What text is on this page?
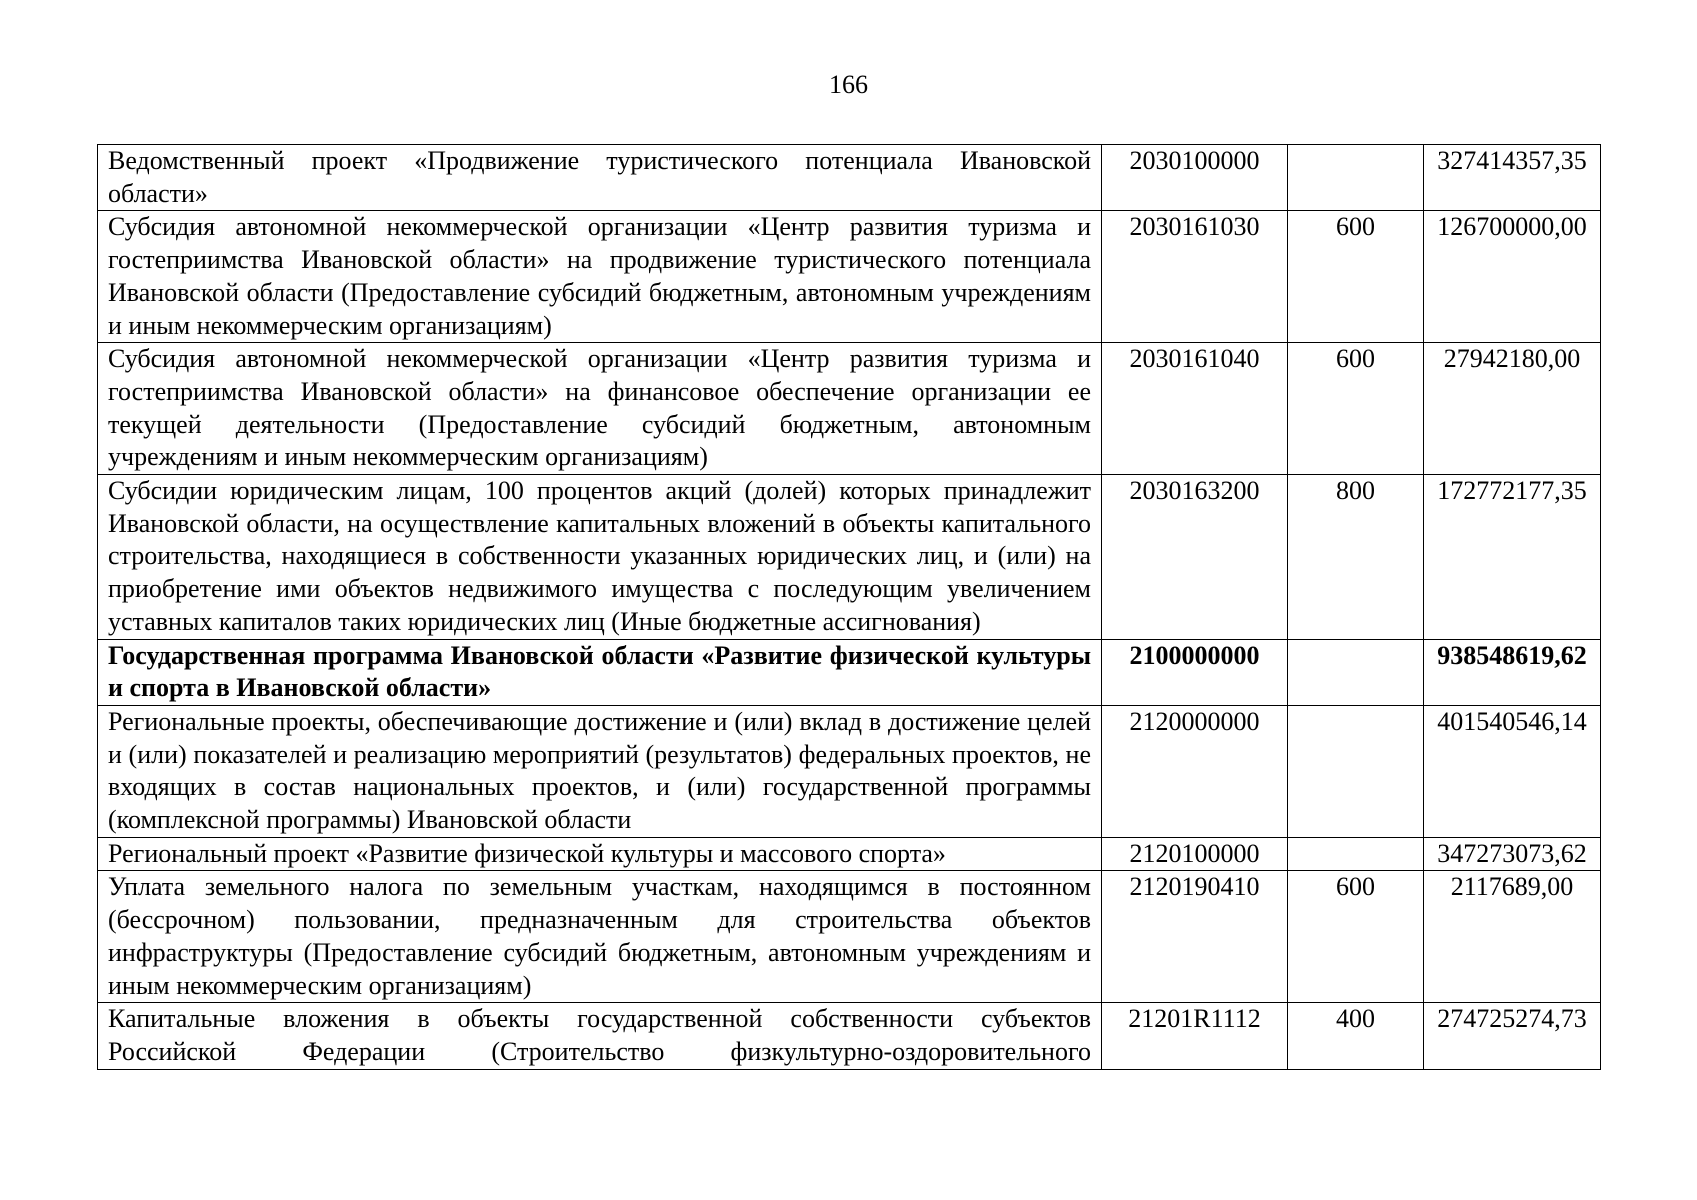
166
Ведомственный проект «Продвижение туристического потенциала Ивановской области»	2030100000		327414357,35
Субсидия автономной некоммерческой организации «Центр развития туризма и гостеприимства Ивановской области» на продвижение туристического потенциала Ивановской области (Предоставление субсидий бюджетным, автономным учреждениям и иным некоммерческим организациям)	2030161030	600	126700000,00
Субсидия автономной некоммерческой организации «Центр развития туризма и гостеприимства Ивановской области» на финансовое обеспечение организации ее текущей деятельности (Предоставление субсидий бюджетным, автономным учреждениям и иным некоммерческим организациям)	2030161040	600	27942180,00
Субсидии юридическим лицам, 100 процентов акций (долей) которых принадлежит Ивановской области, на осуществление капитальных вложений в объекты капитального строительства, находящиеся в собственности указанных юридических лиц, и (или) на приобретение ими объектов недвижимого имущества с последующим увеличением уставных капиталов таких юридических лиц (Иные бюджетные ассигнования)	2030163200	800	172772177,35
Государственная программа Ивановской области «Развитие физической культуры и спорта в Ивановской области»	2100000000		938548619,62
Региональные проекты, обеспечивающие достижение и (или) вклад в достижение целей и (или) показателей и реализацию мероприятий (результатов) федеральных проектов, не входящих в состав национальных проектов, и (или) государственной программы (комплексной программы) Ивановской области	2120000000		401540546,14
Региональный проект «Развитие физической культуры и массового спорта»	2120100000		347273073,62
Уплата земельного налога по земельным участкам, находящимся в постоянном (бессрочном) пользовании, предназначенным для строительства объектов инфраструктуры (Предоставление субсидий бюджетным, автономным учреждениям и иным некоммерческим организациям)	2120190410	600	2117689,00
Капитальные вложения в объекты государственной собственности субъектов Российской Федерации (Строительство физкультурно-оздоровительного	21201R1112	400	274725274,73
